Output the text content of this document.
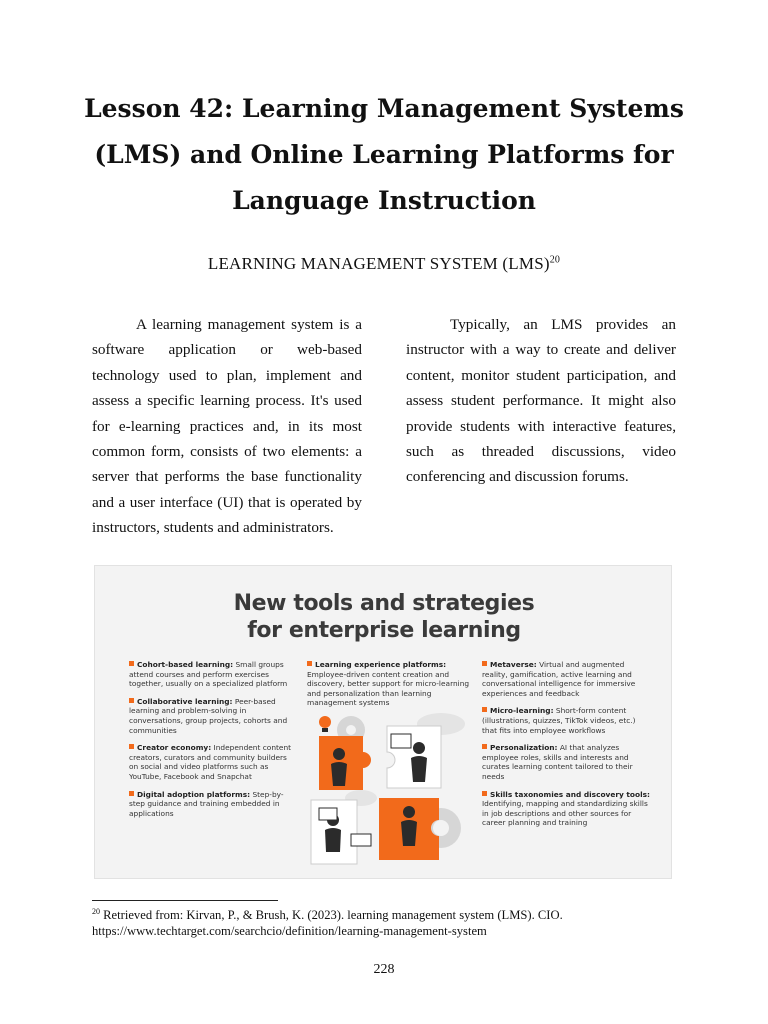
Lesson 42: Learning Management Systems (LMS) and Online Learning Platforms for Language Instruction
LEARNING MANAGEMENT SYSTEM (LMS)$^{20}$

A learning management system is a software application or web-based technology used to plan, implement and assess a specific learning process. It's used for e-learning practices and, in its most common form, consists of two elements: a server that performs the base functionality and a user interface (UI) that is operated by instructors, students and administrators.

Typically, an LMS provides an instructor with a way to create and deliver content, monitor student participation, and assess student performance. It might also provide students with interactive features, such as threaded discussions, video conferencing and discussion forums.

New tools and strategies
for enterprise learning
Cohort-based learning: Small groups attend courses and perform exercises together, usually on a specialized platform
Collaborative learning: Peer-based learning and problem-solving in conversations, group projects, cohorts and communities
Creator economy: Independent content creators, curators and community builders on social and video platforms such as YouTube, Facebook and Snapchat
Digital adoption platforms: Step-by-step guidance and training embedded in applications
Learning experience platforms: Employee-driven content creation and discovery, better support for micro-learning and personalization than learning management systems
Metaverse: Virtual and augmented reality, gamification, active learning and conversational intelligence for immersive experiences and feedback
Micro-learning: Short-form content (illustrations, quizzes, TikTok videos, etc.) that fits into employee workflows
Personalization: AI that analyzes employee roles, skills and interests and curates learning content tailored to their needs
Skills taxonomies and discovery tools: Identifying, mapping and standardizing skills in job descriptions and other sources for career planning and training
$^{20}$ Retrieved from: Kirvan, P., & Brush, K. (2023). learning management system (LMS). CIO.
https://www.techtarget.com/searchcio/definition/learning-management-system
228
